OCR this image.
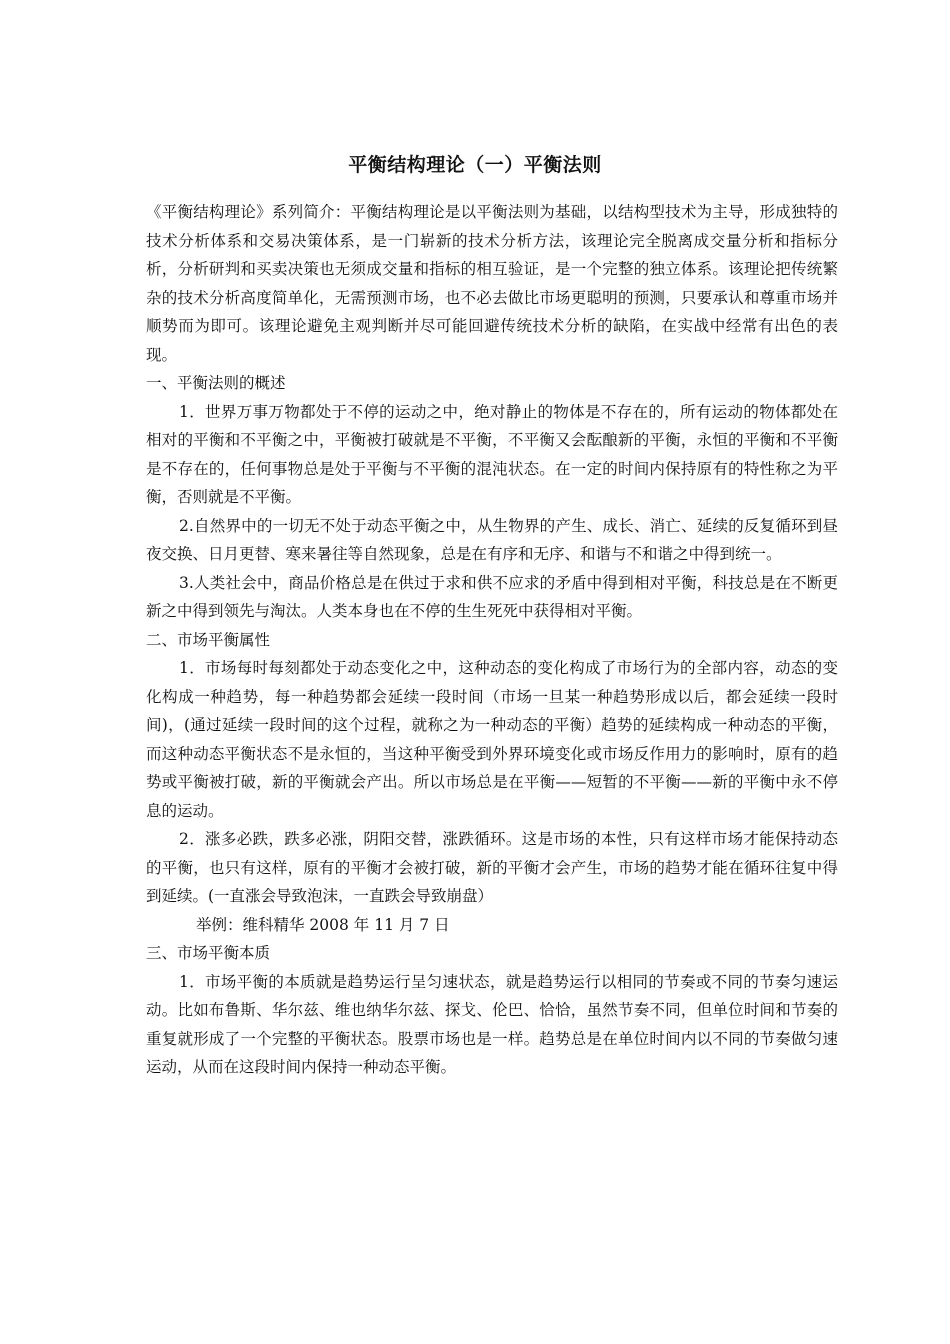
平衡结构理论（一）平衡法则

《平衡结构理论》系列简介：平衡结构理论是以平衡法则为基础，以结构型技术为主导，形成独特的技术分析体系和交易决策体系，是一门崭新的技术分析方法，该理论完全脱离成交量分析和指标分析，分析研判和买卖决策也无须成交量和指标的相互验证，是一个完整的独立体系。该理论把传统繁杂的技术分析高度简单化，无需预测市场，也不必去做比市场更聪明的预测，只要承认和尊重市场并顺势而为即可。该理论避免主观判断并尽可能回避传统技术分析的缺陷，在实战中经常有出色的表现。

一、平衡法则的概述

1．世界万事万物都处于不停的运动之中，绝对静止的物体是不存在的，所有运动的物体都处在相对的平衡和不平衡之中，平衡被打破就是不平衡，不平衡又会酝酿新的平衡，永恒的平衡和不平衡是不存在的，任何事物总是处于平衡与不平衡的混沌状态。在一定的时间内保持原有的特性称之为平衡，否则就是不平衡。

2.自然界中的一切无不处于动态平衡之中，从生物界的产生、成长、消亡、延续的反复循环到昼夜交换、日月更替、寒来暑往等自然现象，总是在有序和无序、和谐与不和谐之中得到统一。

3.人类社会中，商品价格总是在供过于求和供不应求的矛盾中得到相对平衡，科技总是在不断更新之中得到领先与淘汰。人类本身也在不停的生生死死中获得相对平衡。

二、市场平衡属性

1．市场每时每刻都处于动态变化之中，这种动态的变化构成了市场行为的全部内容，动态的变化构成一种趋势，每一种趋势都会延续一段时间（市场一旦某一种趋势形成以后，都会延续一段时间)，(通过延续一段时间的这个过程，就称之为一种动态的平衡）趋势的延续构成一种动态的平衡，而这种动态平衡状态不是永恒的，当这种平衡受到外界环境变化或市场反作用力的影响时，原有的趋势或平衡被打破，新的平衡就会产出。所以市场总是在平衡——短暂的不平衡——新的平衡中永不停息的运动。

2．涨多必跌，跌多必涨，阴阳交替，涨跌循环。这是市场的本性，只有这样市场才能保持动态的平衡，也只有这样，原有的平衡才会被打破，新的平衡才会产生，市场的趋势才能在循环往复中得到延续。(一直涨会导致泡沫，一直跌会导致崩盘）

举例：维科精华 2008 年 11 月 7 日

三、市场平衡本质

1．市场平衡的本质就是趋势运行呈匀速状态，就是趋势运行以相同的节奏或不同的节奏匀速运动。比如布鲁斯、华尔兹、维也纳华尔兹、探戈、伦巴、恰恰，虽然节奏不同，但单位时间和节奏的重复就形成了一个完整的平衡状态。股票市场也是一样。趋势总是在单位时间内以不同的节奏做匀速运动，从而在这段时间内保持一种动态平衡。
